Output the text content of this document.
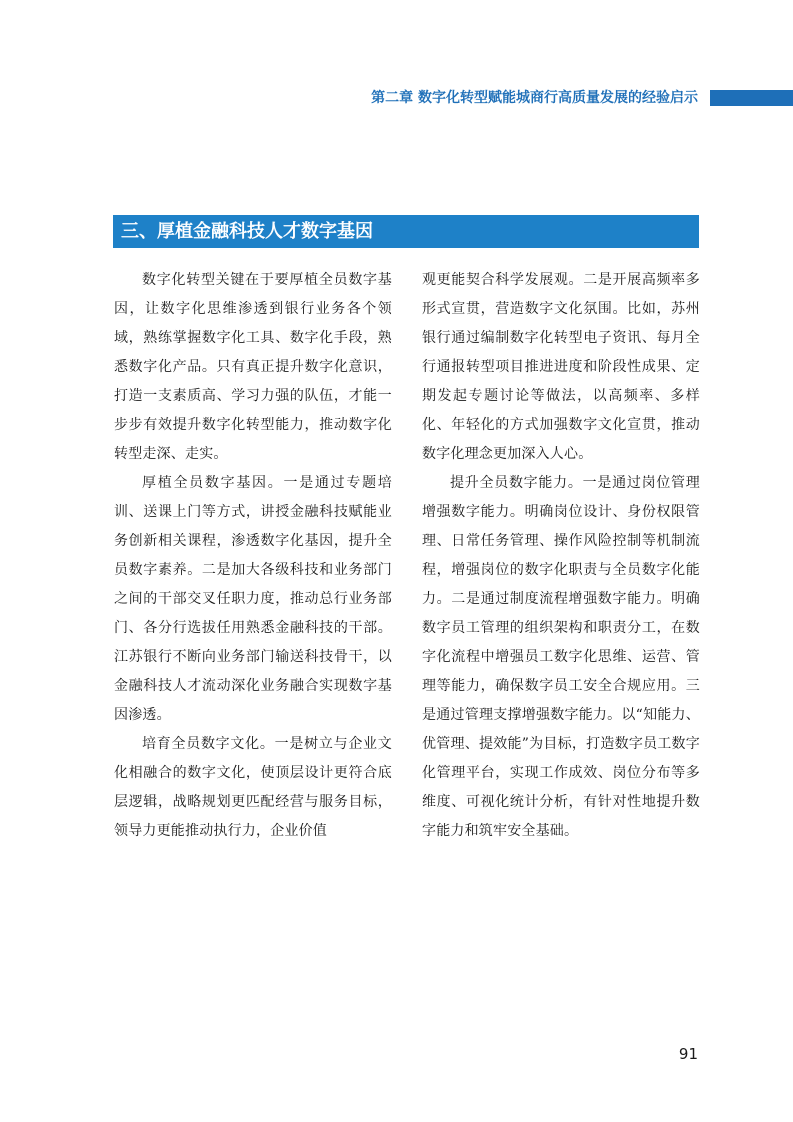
第二章 数字化转型赋能城商行高质量发展的经验启示
三、厚植金融科技人才数字基因

数字化转型关键在于要厚植全员数字基因，让数字化思维渗透到银行业务各个领域，熟练掌握数字化工具、数字化手段，熟悉数字化产品。只有真正提升数字化意识，打造一支素质高、学习力强的队伍，才能一步步有效提升数字化转型能力，推动数字化转型走深、走实。

厚植全员数字基因。一是通过专题培训、送课上门等方式，讲授金融科技赋能业务创新相关课程，渗透数字化基因，提升全员数字素养。二是加大各级科技和业务部门之间的干部交叉任职力度，推动总行业务部门、各分行选拔任用熟悉金融科技的干部。江苏银行不断向业务部门输送科技骨干，以金融科技人才流动深化业务融合实现数字基因渗透。

培育全员数字文化。一是树立与企业文化相融合的数字文化，使顶层设计更符合底层逻辑，战略规划更匹配经营与服务目标，领导力更能推动执行力，企业价值

观更能契合科学发展观。二是开展高频率多形式宣贯，营造数字文化氛围。比如，苏州银行通过编制数字化转型电子资讯、每月全行通报转型项目推进进度和阶段性成果、定期发起专题讨论等做法，以高频率、多样化、年轻化的方式加强数字文化宣贯，推动数字化理念更加深入人心。

提升全员数字能力。一是通过岗位管理增强数字能力。明确岗位设计、身份权限管理、日常任务管理、操作风险控制等机制流程，增强岗位的数字化职责与全员数字化能力。二是通过制度流程增强数字能力。明确数字员工管理的组织架构和职责分工，在数字化流程中增强员工数字化思维、运营、管理等能力，确保数字员工安全合规应用。三是通过管理支撑增强数字能力。以“知能力、优管理、提效能”为目标，打造数字员工数字化管理平台，实现工作成效、岗位分布等多维度、可视化统计分析，有针对性地提升数字能力和筑牢安全基础。

91
